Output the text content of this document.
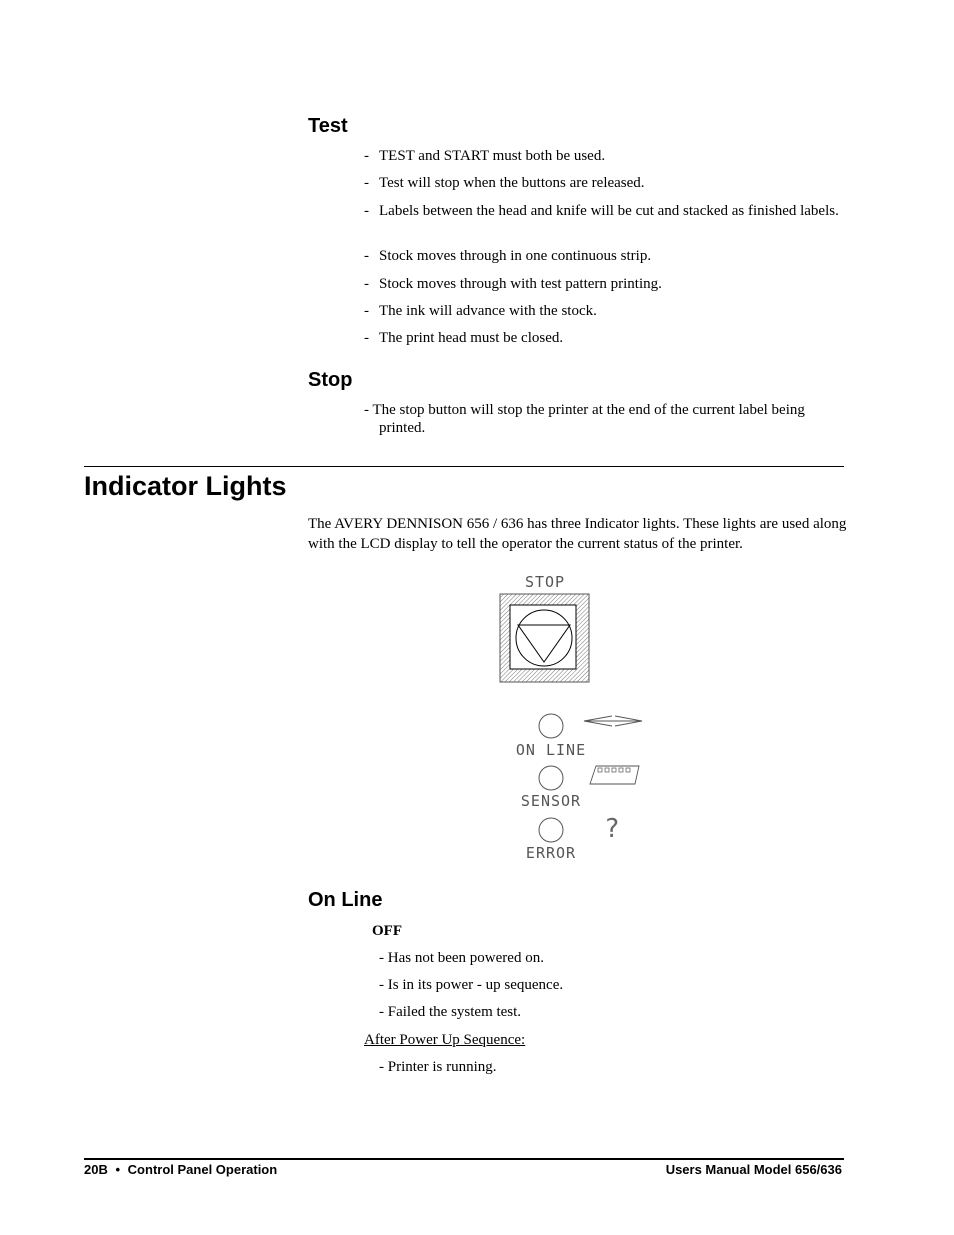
Test
- TEST and START must both be used.
- Test will stop when the buttons are released.
- Labels between the head and knife will be cut and stacked as finished labels.
- Stock moves through in one continuous strip.
- Stock moves through with test pattern printing.
- The ink will advance with the stock.
- The print head must be closed.
Stop
- The stop button will stop the printer at the end of the current label being printed.
Indicator Lights
The AVERY DENNISON 656 / 636 has three Indicator lights. These lights are used along with the LCD display to tell the operator the current status of the printer.
STOP
ON LINE
SENSOR
?
ERROR
On Line
OFF
- Has not been powered on.
- Is in its power - up sequence.
- Failed the system test.
After Power Up Sequence:
- Printer is running.
20B • Control Panel Operation	Users Manual Model 656/636
